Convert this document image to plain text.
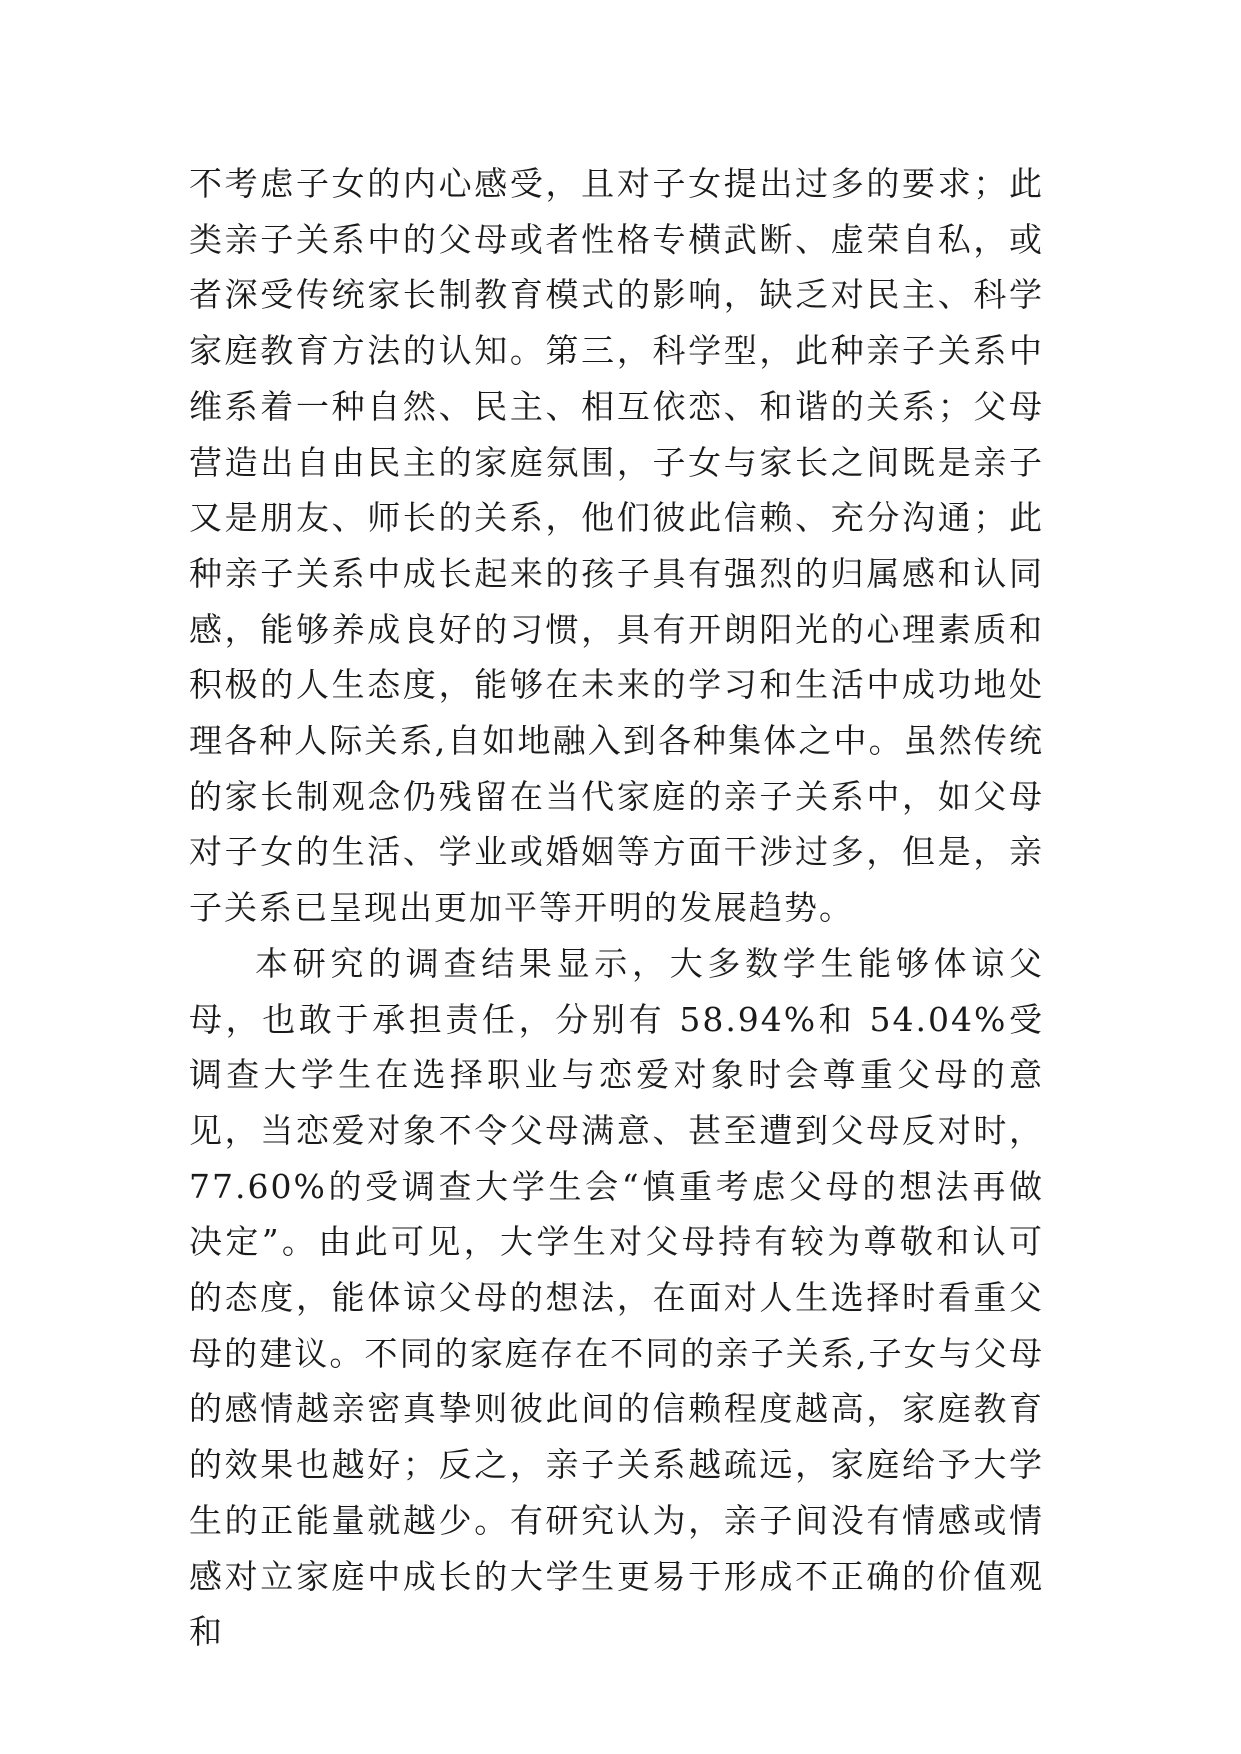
不考虑子女的内心感受，且对子女提出过多的要求；此类亲子关系中的父母或者性格专横武断、虚荣自私，或者深受传统家长制教育模式的影响，缺乏对民主、科学家庭教育方法的认知。第三，科学型，此种亲子关系中维系着一种自然、民主、相互依恋、和谐的关系；父母营造出自由民主的家庭氛围，子女与家长之间既是亲子又是朋友、师长的关系，他们彼此信赖、充分沟通；此种亲子关系中成长起来的孩子具有强烈的归属感和认同感，能够养成良好的习惯，具有开朗阳光的心理素质和积极的人生态度，能够在未来的学习和生活中成功地处理各种人际关系,自如地融入到各种集体之中。虽然传统的家长制观念仍残留在当代家庭的亲子关系中，如父母对子女的生活、学业或婚姻等方面干涉过多，但是，亲子关系已呈现出更加平等开明的发展趋势。

本研究的调查结果显示，大多数学生能够体谅父母，也敢于承担责任，分别有 58.94%和 54.04%受调查大学生在选择职业与恋爱对象时会尊重父母的意见，当恋爱对象不令父母满意、甚至遭到父母反对时，77.60%的受调查大学生会“慎重考虑父母的想法再做决定”。由此可见，大学生对父母持有较为尊敬和认可的态度，能体谅父母的想法，在面对人生选择时看重父母的建议。不同的家庭存在不同的亲子关系,子女与父母的感情越亲密真挚则彼此间的信赖程度越高，家庭教育的效果也越好；反之，亲子关系越疏远，家庭给予大学生的正能量就越少。有研究认为，亲子间没有情感或情感对立家庭中成长的大学生更易于形成不正确的价值观和
